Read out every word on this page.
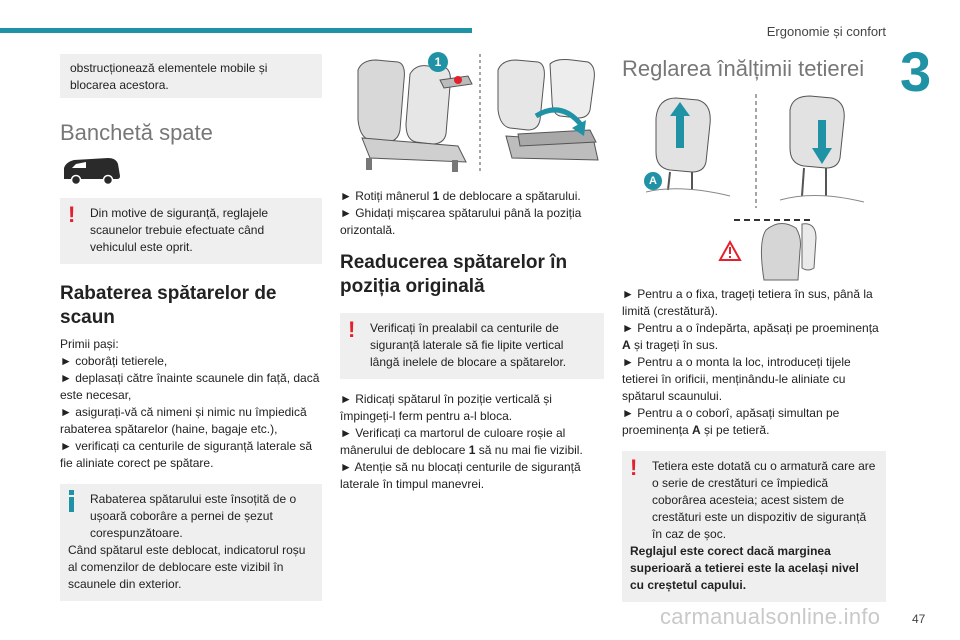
Ergonomie și confort
3

obstrucționează elementele mobile și blocarea acestora.

Banchetă spate
!	Din motive de siguranță, reglajele scaunelor trebuie efectuate când vehiculul este oprit.

Rabaterea spătarelor de scaun

Primii pași:

► coborâți tetierele,

► deplasați către înainte scaunele din față, dacă este necesar,

► asigurați-vă că nimeni și nimic nu împiedică rabaterea spătarelor (haine, bagaje etc.),

► verificați ca centurile de siguranță laterale să fie aliniate corect pe spătare.

Rabaterea spătarului este însoțită de o ușoară coborâre a pernei de șezut corespunzătoare.

Când spătarul este deblocat, indicatorul roșu al comenzilor de deblocare este vizibil în scaunele din exterior.

1

► Rotiți mânerul 1 de deblocare a spătarului.

► Ghidați mișcarea spătarului până la poziția orizontală.

Readucerea spătarelor în poziția originală
!	Verificați în prealabil ca centurile de siguranță laterale să fie lipite vertical lângă inelele de blocare a spătarelor.

► Ridicați spătarul în poziție verticală și împingeți-l ferm pentru a-l bloca.

► Verificați ca martorul de culoare roșie al mânerului de deblocare 1 să nu mai fie vizibil.

► Atenție să nu blocați centurile de siguranță laterale în timpul manevrei.

Reglarea înălțimii tetierei
A

► Pentru a o fixa, trageți tetiera în sus, până la limită (crestătură).

► Pentru a o îndepărta, apăsați pe proeminența A și trageți în sus.

► Pentru a o monta la loc, introduceți tijele tetierei în orificii, menținându-le aliniate cu spătarul scaunului.

► Pentru a o coborî, apăsați simultan pe proeminența A și pe tetieră.

!	Tetiera este dotată cu o armatură care are o serie de crestături ce împiedică coborârea acesteia; acest sistem de crestături este un dispozitiv de siguranță în caz de șoc.

Reglajul este corect dacă marginea superioară a tetierei este la același nivel cu creștetul capului.

carmanualsonline.info	47
